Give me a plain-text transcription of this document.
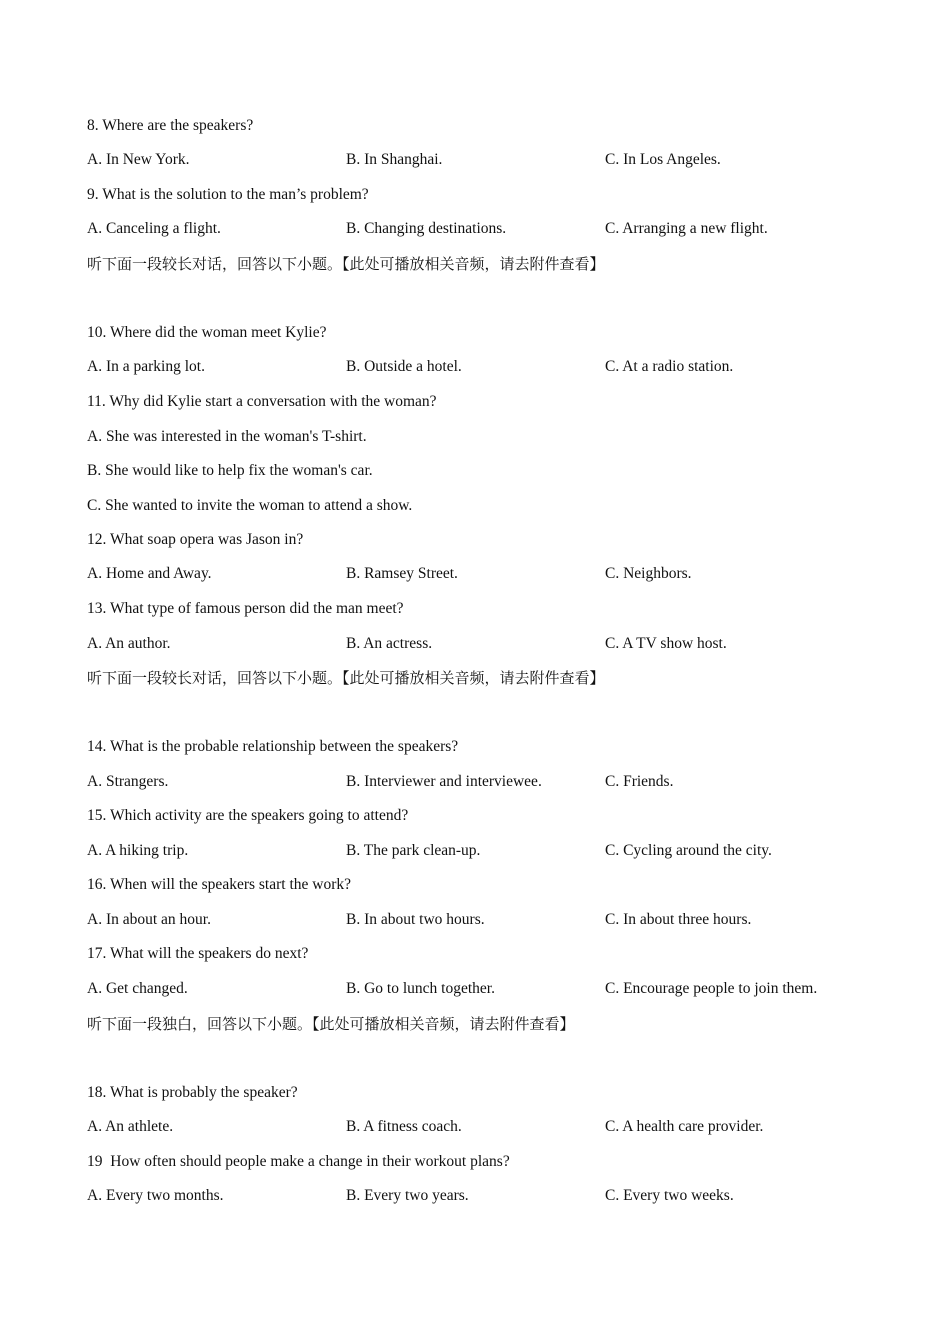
8. Where are the speakers?
A. In New York.	B. In Shanghai.	C. In Los Angeles.
9. What is the solution to the man’s problem?
A. Canceling a flight.	B. Changing destinations.	C. Arranging a new flight.
听下面一段较长对话，回答以下小题。【此处可播放相关音频，请去附件查看】
10. Where did the woman meet Kylie?
A. In a parking lot.	B. Outside a hotel.	C. At a radio station.
11. Why did Kylie start a conversation with the woman?
A. She was interested in the woman's T-shirt.
B. She would like to help fix the woman's car.
C. She wanted to invite the woman to attend a show.
12. What soap opera was Jason in?
A. Home and Away.	B. Ramsey Street.	C. Neighbors.
13. What type of famous person did the man meet?
A. An author.	B. An actress.	C. A TV show host.
听下面一段较长对话，回答以下小题。【此处可播放相关音频，请去附件查看】
14. What is the probable relationship between the speakers?
A. Strangers.	B. Interviewer and interviewee.	C. Friends.
15. Which activity are the speakers going to attend?
A. A hiking trip.	B. The park clean-up.	C. Cycling around the city.
16. When will the speakers start the work?
A. In about an hour.	B. In about two hours.	C. In about three hours.
17. What will the speakers do next?
A. Get changed.	B. Go to lunch together.	C. Encourage people to join them.
听下面一段独白，回答以下小题。【此处可播放相关音频，请去附件查看】
18. What is probably the speaker?
A. An athlete.	B. A fitness coach.	C. A health care provider.
19  How often should people make a change in their workout plans?
A. Every two months.	B. Every two years.	C. Every two weeks.
